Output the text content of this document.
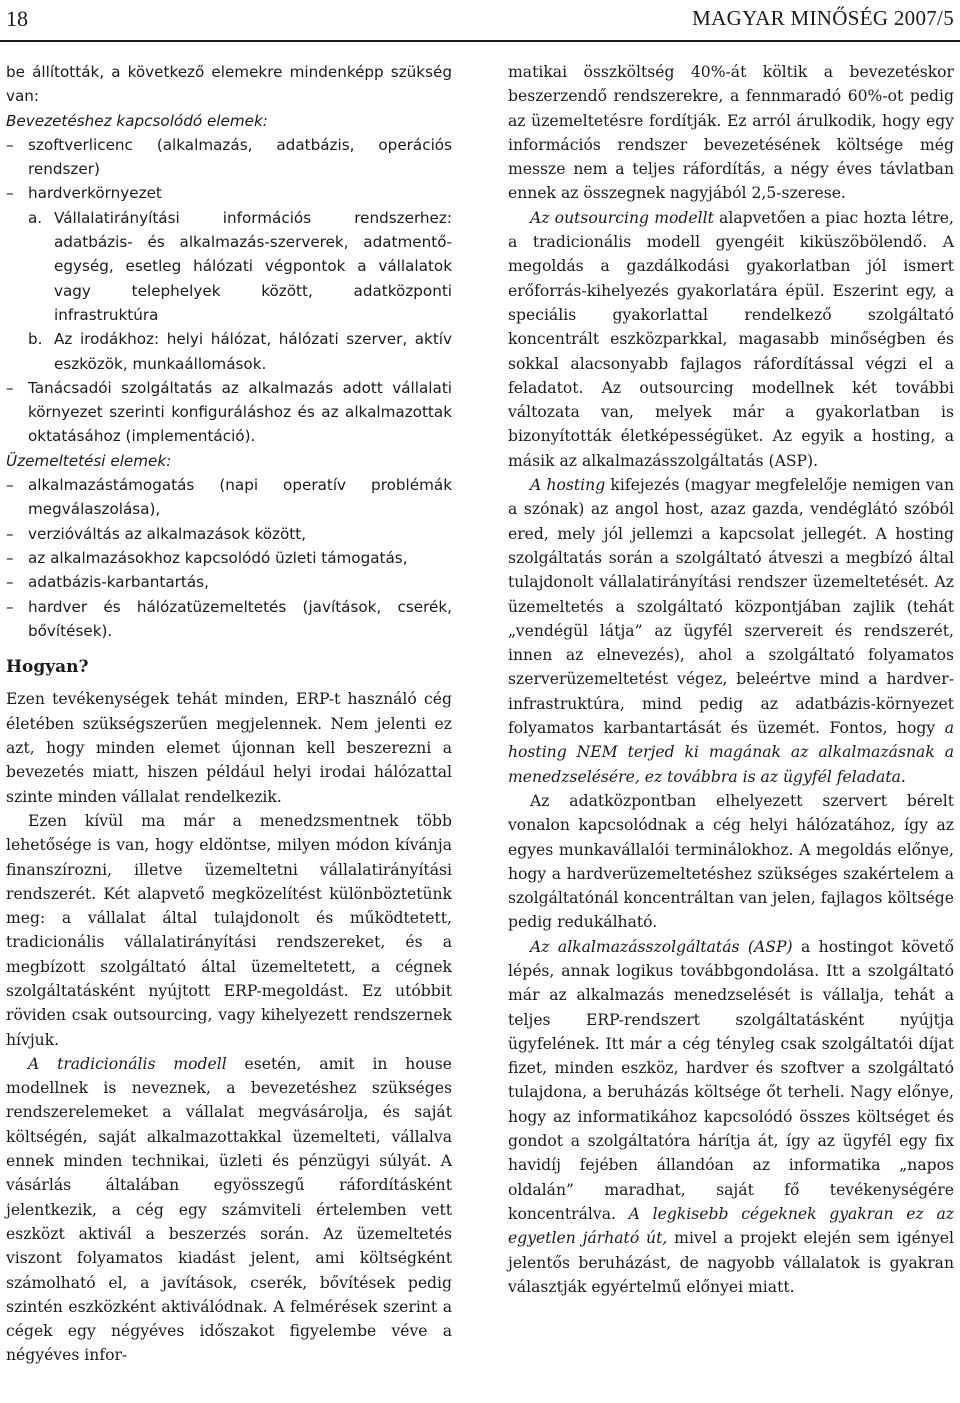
18	MAGYAR MINŐSÉG 2007/5

be állították, a következő elemekre mindenképp szükség van:

Bevezetéshez kapcsolódó elemek:

– szoftverlicenc (alkalmazás, adatbázis, operációs rendszer)

– hardverkörnyezet

a. Vállalatirányítási információs rendszerhez: adatbázis- és alkalmazás-szerverek, adatmentő-egység, esetleg hálózati végpontok a vállalatok vagy telephelyek között, adatközponti infrastruktúra

b. Az irodákhoz: helyi hálózat, hálózati szerver, aktív eszközök, munkaállomások.

– Tanácsadói szolgáltatás az alkalmazás adott vállalati környezet szerinti konfiguráláshoz és az alkalmazottak oktatásához (implementáció).

Üzemeltetési elemek:

– alkalmazástámogatás (napi operatív problémák megválaszolása),

– verzióváltás az alkalmazások között,

– az alkalmazásokhoz kapcsolódó üzleti támogatás,

– adatbázis-karbantartás,

– hardver és hálózatüzemeltetés (javítások, cserék, bővítések).

Hogyan?

Ezen tevékenységek tehát minden, ERP-t használó cég életében szükségszerűen megjelennek. Nem jelenti ez azt, hogy minden elemet újonnan kell beszerezni a bevezetés miatt, hiszen például helyi irodai hálózattal szinte minden vállalat rendelkezik.

Ezen kívül ma már a menedzsmentnek több lehetősége is van, hogy eldöntse, milyen módon kívánja finanszírozni, illetve üzemeltetni vállalatirányítási rendszerét. Két alapvető megközelítést különböztetünk meg: a vállalat által tulajdonolt és működtetett, tradicionális vállalatirányítási rendszereket, és a megbízott szolgáltató által üzemeltetett, a cégnek szolgáltatásként nyújtott ERP-megoldást. Ez utóbbit röviden csak outsourcing, vagy kihelyezett rendszernek hívjuk.

A tradicionális modell esetén, amit in house modellnek is neveznek, a bevezetéshez szükséges rendszerelemeket a vállalat megvásárolja, és saját költségén, saját alkalmazottakkal üzemelteti, vállalva ennek minden technikai, üzleti és pénzügyi súlyát. A vásárlás általában egyösszegű ráfordításként jelentkezik, a cég egy számviteli értelemben vett eszközt aktivál a beszerzés során. Az üzemeltetés viszont folyamatos kiadást jelent, ami költségként számolható el, a javítások, cserék, bővítések pedig szintén eszközként aktiválódnak. A felmérések szerint a cégek egy négyéves időszakot figyelembe véve a négyéves infor-

matikai összköltség 40%-át költik a bevezetéskor beszerzendő rendszerekre, a fennmaradó 60%-ot pedig az üzemeltetésre fordítják. Ez arról árulkodik, hogy egy információs rendszer bevezetésének költsége még messze nem a teljes ráfordítás, a négy éves távlatban ennek az összegnek nagyjából 2,5-szerese.

Az outsourcing modellt alapvetően a piac hozta létre, a tradicionális modell gyengéit kiküszöbölendő. A megoldás a gazdálkodási gyakorlatban jól ismert erőforrás-kihelyezés gyakorlatára épül. Eszerint egy, a speciális gyakorlattal rendelkező szolgáltató koncentrált eszközparkkal, magasabb minőségben és sokkal alacsonyabb fajlagos ráfordítással végzi el a feladatot. Az outsourcing modellnek két további változata van, melyek már a gyakorlatban is bizonyították életképességüket. Az egyik a hosting, a másik az alkalmazásszolgáltatás (ASP).

A hosting kifejezés (magyar megfelelője nemigen van a szónak) az angol host, azaz gazda, vendéglátó szóból ered, mely jól jellemzi a kapcsolat jellegét. A hosting szolgáltatás során a szolgáltató átveszi a megbízó által tulajdonolt vállalatirányítási rendszer üzemeltetését. Az üzemeltetés a szolgáltató központjában zajlik (tehát „vendégül látja” az ügyfél szervereit és rendszerét, innen az elnevezés), ahol a szolgáltató folyamatos szerverüzemeltetést végez, beleértve mind a hardver-infrastruktúra, mind pedig az adatbázis-környezet folyamatos karbantartását és üzemét. Fontos, hogy a hosting NEM terjed ki magának az alkalmazásnak a menedzselésére, ez továbbra is az ügyfél feladata.

Az adatközpontban elhelyezett szervert bérelt vonalon kapcsolódnak a cég helyi hálózatához, így az egyes munkavállalói terminálokhoz. A megoldás előnye, hogy a hardverüzemeltetéshez szükséges szakértelem a szolgáltatónál koncentráltan van jelen, fajlagos költsége pedig redukálható.

Az alkalmazásszolgáltatás (ASP) a hostingot követő lépés, annak logikus továbbgondolása. Itt a szolgáltató már az alkalmazás menedzselését is vállalja, tehát a teljes ERP-rendszert szolgáltatásként nyújtja ügyfelének. Itt már a cég tényleg csak szolgáltatói díjat fizet, minden eszköz, hardver és szoftver a szolgáltató tulajdona, a beruházás költsége őt terheli. Nagy előnye, hogy az informatikához kapcsolódó összes költséget és gondot a szolgáltatóra hárítja át, így az ügyfél egy fix havidíj fejében állandóan az informatika „napos oldalán” maradhat, saját fő tevékenységére koncentrálva. A legkisebb cégeknek gyakran ez az egyetlen járható út, mivel a projekt elején sem igényel jelentős beruházást, de nagyobb vállalatok is gyakran választják egyértelmű előnyei miatt.
